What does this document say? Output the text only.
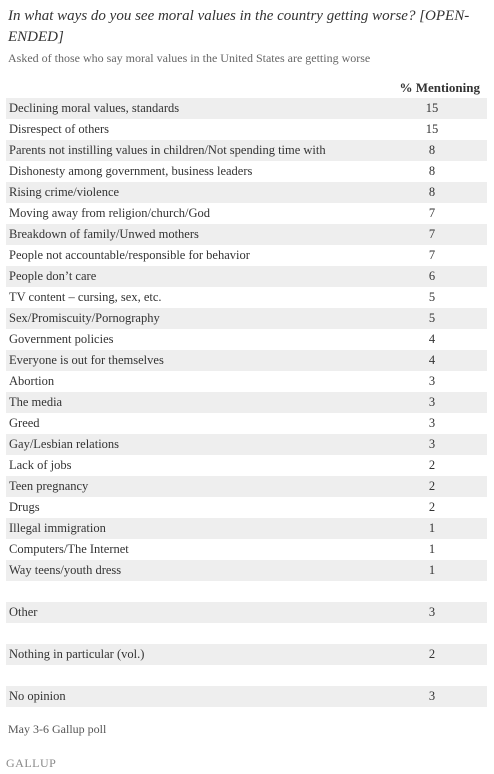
In what ways do you see moral values in the country getting worse? [OPEN-ENDED]
Asked of those who say moral values in the United States are getting worse
% Mentioning
Declining moral values, standards	15
Disrespect of others	15
Parents not instilling values in children/Not spending time with	8
Dishonesty among government, business leaders	8
Rising crime/violence	8
Moving away from religion/church/God	7
Breakdown of family/Unwed mothers	7
People not accountable/responsible for behavior	7
People don’t care	6
TV content – cursing, sex, etc.	5
Sex/Promiscuity/Pornography	5
Government policies	4
Everyone is out for themselves	4
Abortion	3
The media	3
Greed	3
Gay/Lesbian relations	3
Lack of jobs	2
Teen pregnancy	2
Drugs	2
Illegal immigration	1
Computers/The Internet	1
Way teens/youth dress	1

Other	3

Nothing in particular (vol.)	2

No opinion	3
May 3-6 Gallup poll
GALLUP
